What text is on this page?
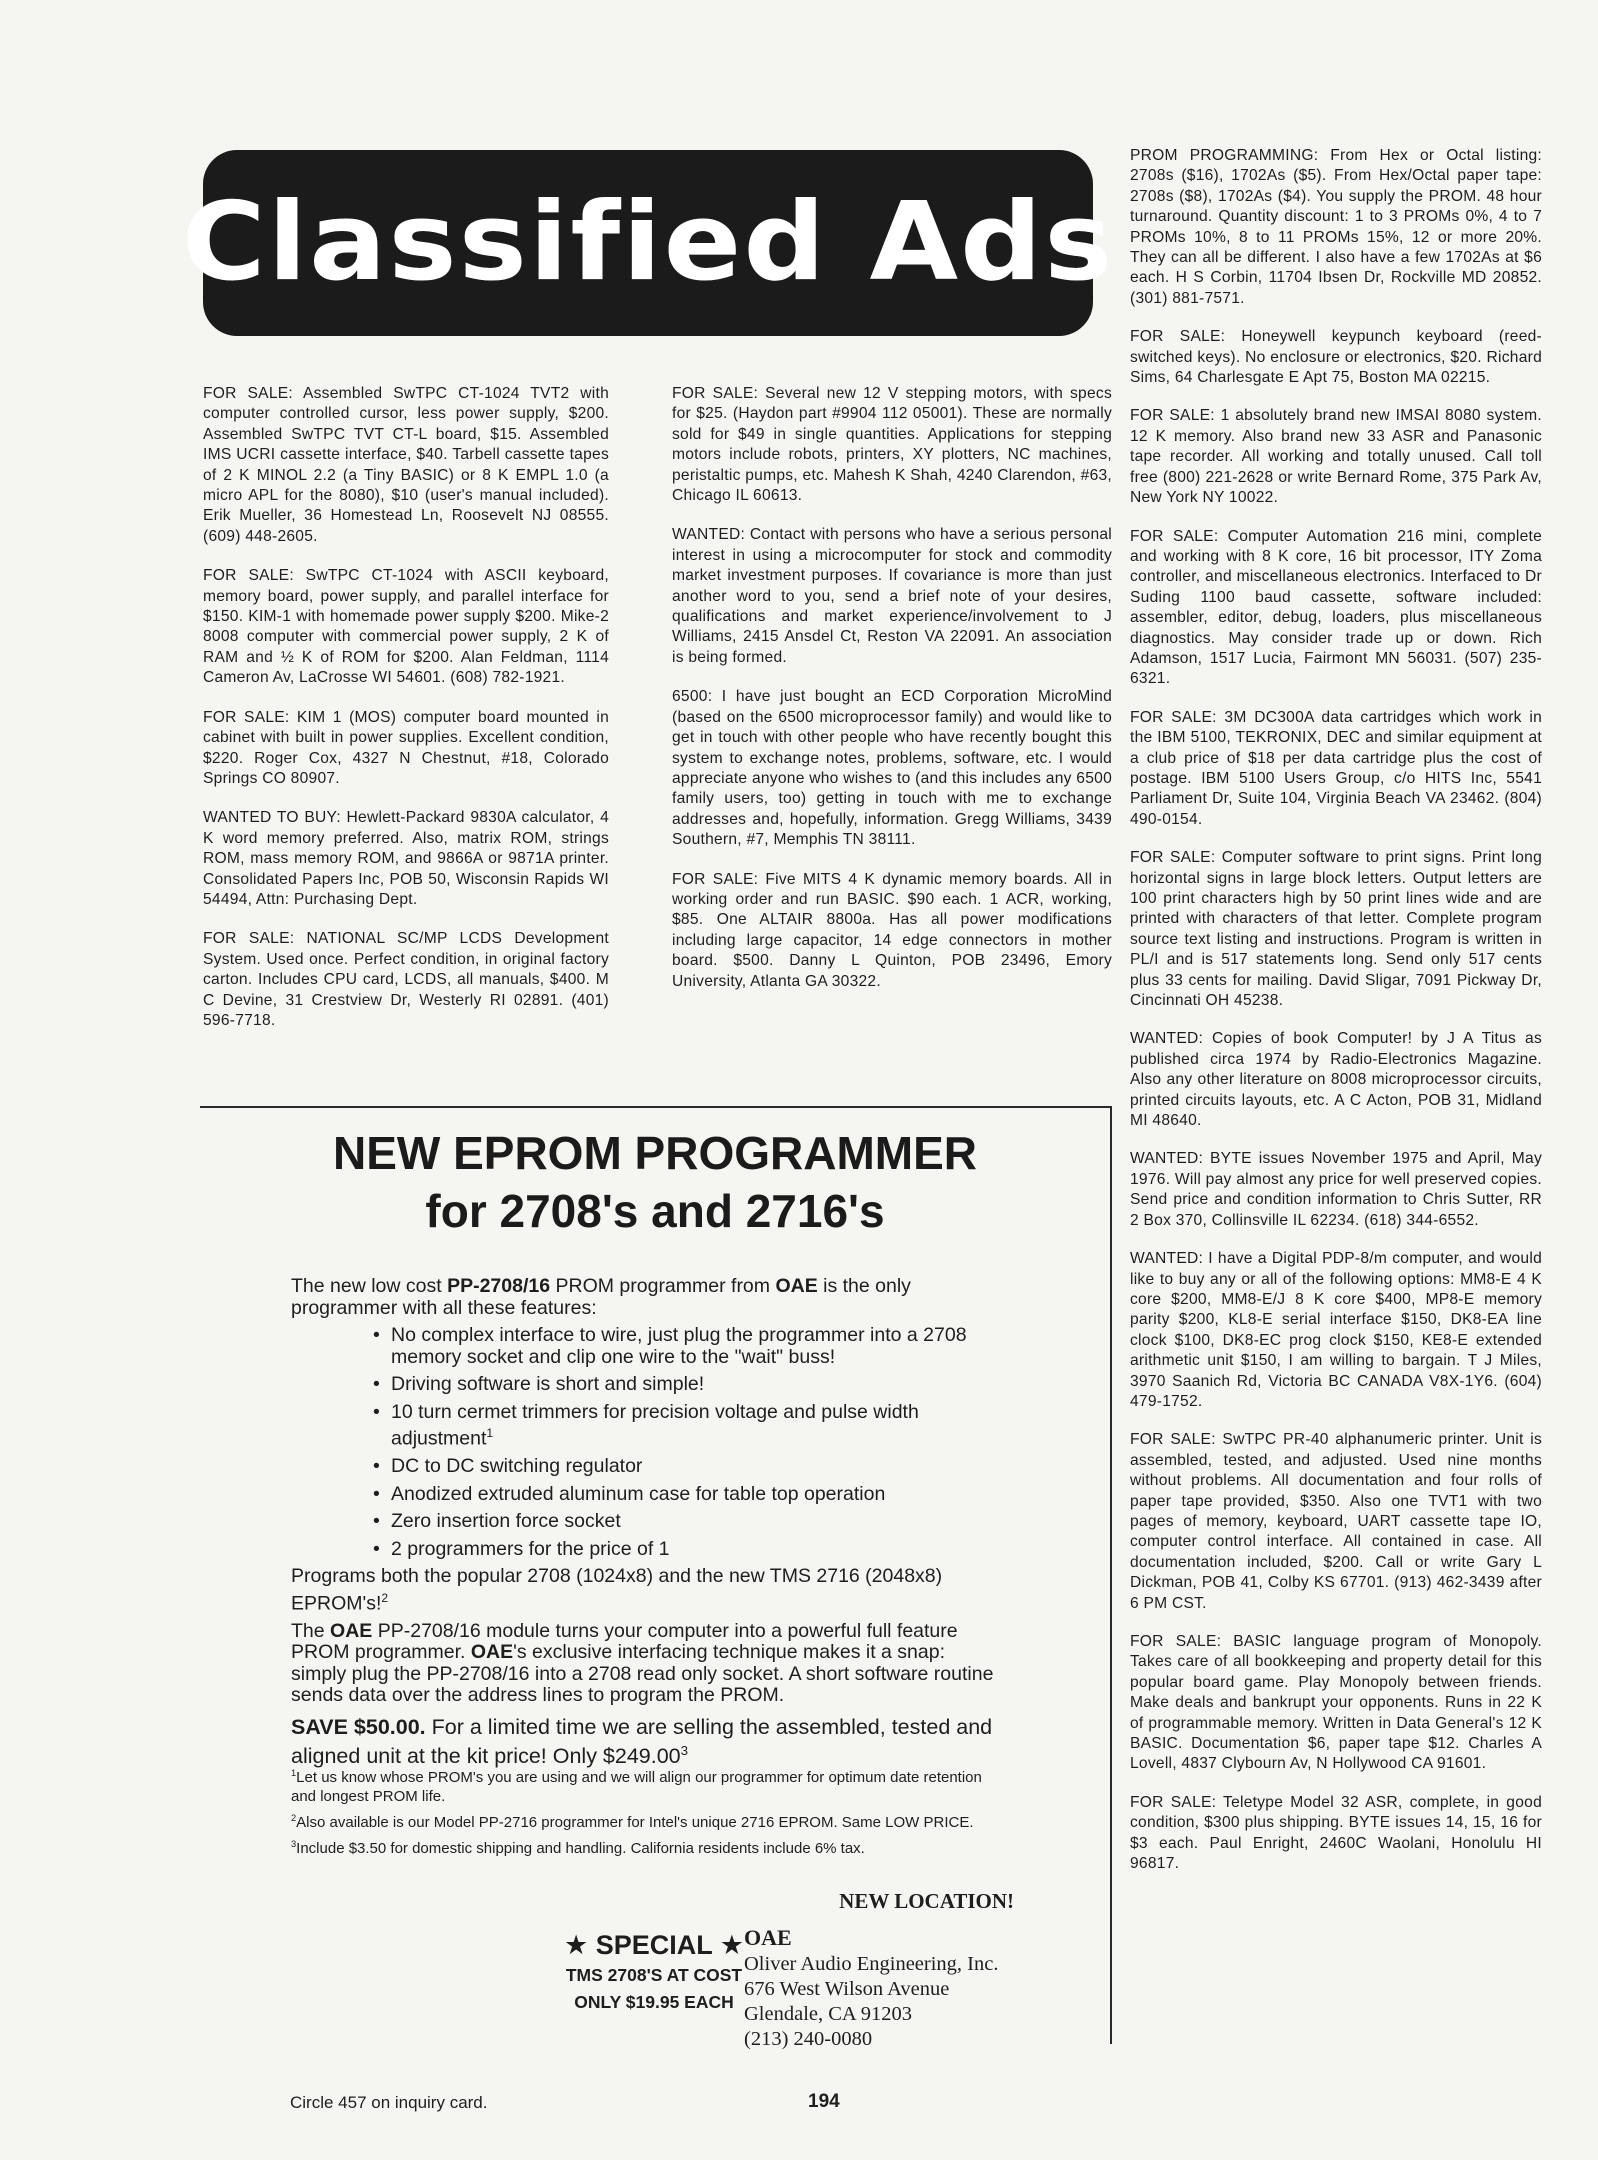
Classified Ads

FOR SALE: Assembled SwTPC CT-1024 TVT2 with computer controlled cursor, less power supply, $200. Assembled SwTPC TVT CT-L board, $15. Assembled IMS UCRI cassette interface, $40. Tarbell cassette tapes of 2 K MINOL 2.2 (a Tiny BASIC) or 8 K EMPL 1.0 (a micro APL for the 8080), $10 (user's manual included). Erik Mueller, 36 Homestead Ln, Roosevelt NJ 08555. (609) 448-2605.

FOR SALE: SwTPC CT-1024 with ASCII keyboard, memory board, power supply, and parallel interface for $150. KIM-1 with homemade power supply $200. Mike-2 8008 computer with commercial power supply, 2 K of RAM and ½ K of ROM for $200. Alan Feldman, 1114 Cameron Av, LaCrosse WI 54601. (608) 782-1921.

FOR SALE: KIM 1 (MOS) computer board mounted in cabinet with built in power supplies. Excellent condition, $220. Roger Cox, 4327 N Chestnut, #18, Colorado Springs CO 80907.

WANTED TO BUY: Hewlett-Packard 9830A calculator, 4 K word memory preferred. Also, matrix ROM, strings ROM, mass memory ROM, and 9866A or 9871A printer. Consolidated Papers Inc, POB 50, Wisconsin Rapids WI 54494, Attn: Purchasing Dept.

FOR SALE: NATIONAL SC/MP LCDS Development System. Used once. Perfect condition, in original factory carton. Includes CPU card, LCDS, all manuals, $400. M C Devine, 31 Crestview Dr, Westerly RI 02891. (401) 596-7718.

FOR SALE: Several new 12 V stepping motors, with specs for $25. (Haydon part #9904 112 05001). These are normally sold for $49 in single quantities. Applications for stepping motors include robots, printers, XY plotters, NC machines, peristaltic pumps, etc. Mahesh K Shah, 4240 Clarendon, #63, Chicago IL 60613.

WANTED: Contact with persons who have a serious personal interest in using a microcomputer for stock and commodity market investment purposes. If covariance is more than just another word to you, send a brief note of your desires, qualifications and market experience/involvement to J Williams, 2415 Ansdel Ct, Reston VA 22091. An association is being formed.

6500: I have just bought an ECD Corporation MicroMind (based on the 6500 microprocessor family) and would like to get in touch with other people who have recently bought this system to exchange notes, problems, software, etc. I would appreciate anyone who wishes to (and this includes any 6500 family users, too) getting in touch with me to exchange addresses and, hopefully, information. Gregg Williams, 3439 Southern, #7, Memphis TN 38111.

FOR SALE: Five MITS 4 K dynamic memory boards. All in working order and run BASIC. $90 each. 1 ACR, working, $85. One ALTAIR 8800a. Has all power modifications including large capacitor, 14 edge connectors in mother board. $500. Danny L Quinton, POB 23496, Emory University, Atlanta GA 30322.

PROM PROGRAMMING: From Hex or Octal listing: 2708s ($16), 1702As ($5). From Hex/Octal paper tape: 2708s ($8), 1702As ($4). You supply the PROM. 48 hour turnaround. Quantity discount: 1 to 3 PROMs 0%, 4 to 7 PROMs 10%, 8 to 11 PROMs 15%, 12 or more 20%. They can all be different. I also have a few 1702As at $6 each. H S Corbin, 11704 Ibsen Dr, Rockville MD 20852. (301) 881-7571.

FOR SALE: Honeywell keypunch keyboard (reed-switched keys). No enclosure or electronics, $20. Richard Sims, 64 Charlesgate E Apt 75, Boston MA 02215.

FOR SALE: 1 absolutely brand new IMSAI 8080 system. 12 K memory. Also brand new 33 ASR and Panasonic tape recorder. All working and totally unused. Call toll free (800) 221-2628 or write Bernard Rome, 375 Park Av, New York NY 10022.

FOR SALE: Computer Automation 216 mini, complete and working with 8 K core, 16 bit processor, ITY Zoma controller, and miscellaneous electronics. Interfaced to Dr Suding 1100 baud cassette, software included: assembler, editor, debug, loaders, plus miscellaneous diagnostics. May consider trade up or down. Rich Adamson, 1517 Lucia, Fairmont MN 56031. (507) 235-6321.

FOR SALE: 3M DC300A data cartridges which work in the IBM 5100, TEKRONIX, DEC and similar equipment at a club price of $18 per data cartridge plus the cost of postage. IBM 5100 Users Group, c/o HITS Inc, 5541 Parliament Dr, Suite 104, Virginia Beach VA 23462. (804) 490-0154.

FOR SALE: Computer software to print signs. Print long horizontal signs in large block letters. Output letters are 100 print characters high by 50 print lines wide and are printed with characters of that letter. Complete program source text listing and instructions. Program is written in PL/I and is 517 statements long. Send only 517 cents plus 33 cents for mailing. David Sligar, 7091 Pickway Dr, Cincinnati OH 45238.

WANTED: Copies of book Computer! by J A Titus as published circa 1974 by Radio-Electronics Magazine. Also any other literature on 8008 microprocessor circuits, printed circuits layouts, etc. A C Acton, POB 31, Midland MI 48640.

WANTED: BYTE issues November 1975 and April, May 1976. Will pay almost any price for well preserved copies. Send price and condition information to Chris Sutter, RR 2 Box 370, Collinsville IL 62234. (618) 344-6552.

WANTED: I have a Digital PDP-8/m computer, and would like to buy any or all of the following options: MM8-E 4 K core $200, MM8-E/J 8 K core $400, MP8-E memory parity $200, KL8-E serial interface $150, DK8-EA line clock $100, DK8-EC prog clock $150, KE8-E extended arithmetic unit $150, I am willing to bargain. T J Miles, 3970 Saanich Rd, Victoria BC CANADA V8X-1Y6. (604) 479-1752.

FOR SALE: SwTPC PR-40 alphanumeric printer. Unit is assembled, tested, and adjusted. Used nine months without problems. All documentation and four rolls of paper tape provided, $350. Also one TVT1 with two pages of memory, keyboard, UART cassette tape IO, computer control interface. All contained in case. All documentation included, $200. Call or write Gary L Dickman, POB 41, Colby KS 67701. (913) 462-3439 after 6 PM CST.

FOR SALE: BASIC language program of Monopoly. Takes care of all bookkeeping and property detail for this popular board game. Play Monopoly between friends. Make deals and bankrupt your opponents. Runs in 22 K of programmable memory. Written in Data General's 12 K BASIC. Documentation $6, paper tape $12. Charles A Lovell, 4837 Clybourn Av, N Hollywood CA 91601.

FOR SALE: Teletype Model 32 ASR, complete, in good condition, $300 plus shipping. BYTE issues 14, 15, 16 for $3 each. Paul Enright, 2460C Waolani, Honolulu HI 96817.

NEW EPROM PROGRAMMER
for 2708's and 2716's

The new low cost PP-2708/16 PROM programmer from OAE is the only programmer with all these features:

• No complex interface to wire, just plug the programmer into a 2708 memory socket and clip one wire to the "wait" buss!
• Driving software is short and simple!
• 10 turn cermet trimmers for precision voltage and pulse width adjustment$^1$
• DC to DC switching regulator
• Anodized extruded aluminum case for table top operation
• Zero insertion force socket
• 2 programmers for the price of 1

Programs both the popular 2708 (1024x8) and the new TMS 2716 (2048x8) EPROM's!$^2$

The OAE PP-2708/16 module turns your computer into a powerful full feature PROM programmer. OAE's exclusive interfacing technique makes it a snap: simply plug the PP-2708/16 into a 2708 read only socket. A short software routine sends data over the address lines to program the PROM.

SAVE $50.00. For a limited time we are selling the assembled, tested and aligned unit at the kit price! Only $249.00$^3$

$^1$Let us know whose PROM's you are using and we will align our programmer for optimum date retention and longest PROM life.

$^2$Also available is our Model PP-2716 programmer for Intel's unique 2716 EPROM. Same LOW PRICE.

$^3$Include $3.50 for domestic shipping and handling. California residents include 6% tax.

★ SPECIAL ★
TMS 2708'S AT COST
ONLY $19.95 EACH
NEW LOCATION!
OAE
Oliver Audio Engineering, Inc.
676 West Wilson Avenue
Glendale, CA 91203
(213) 240-0080
Circle 457 on inquiry card.	194
